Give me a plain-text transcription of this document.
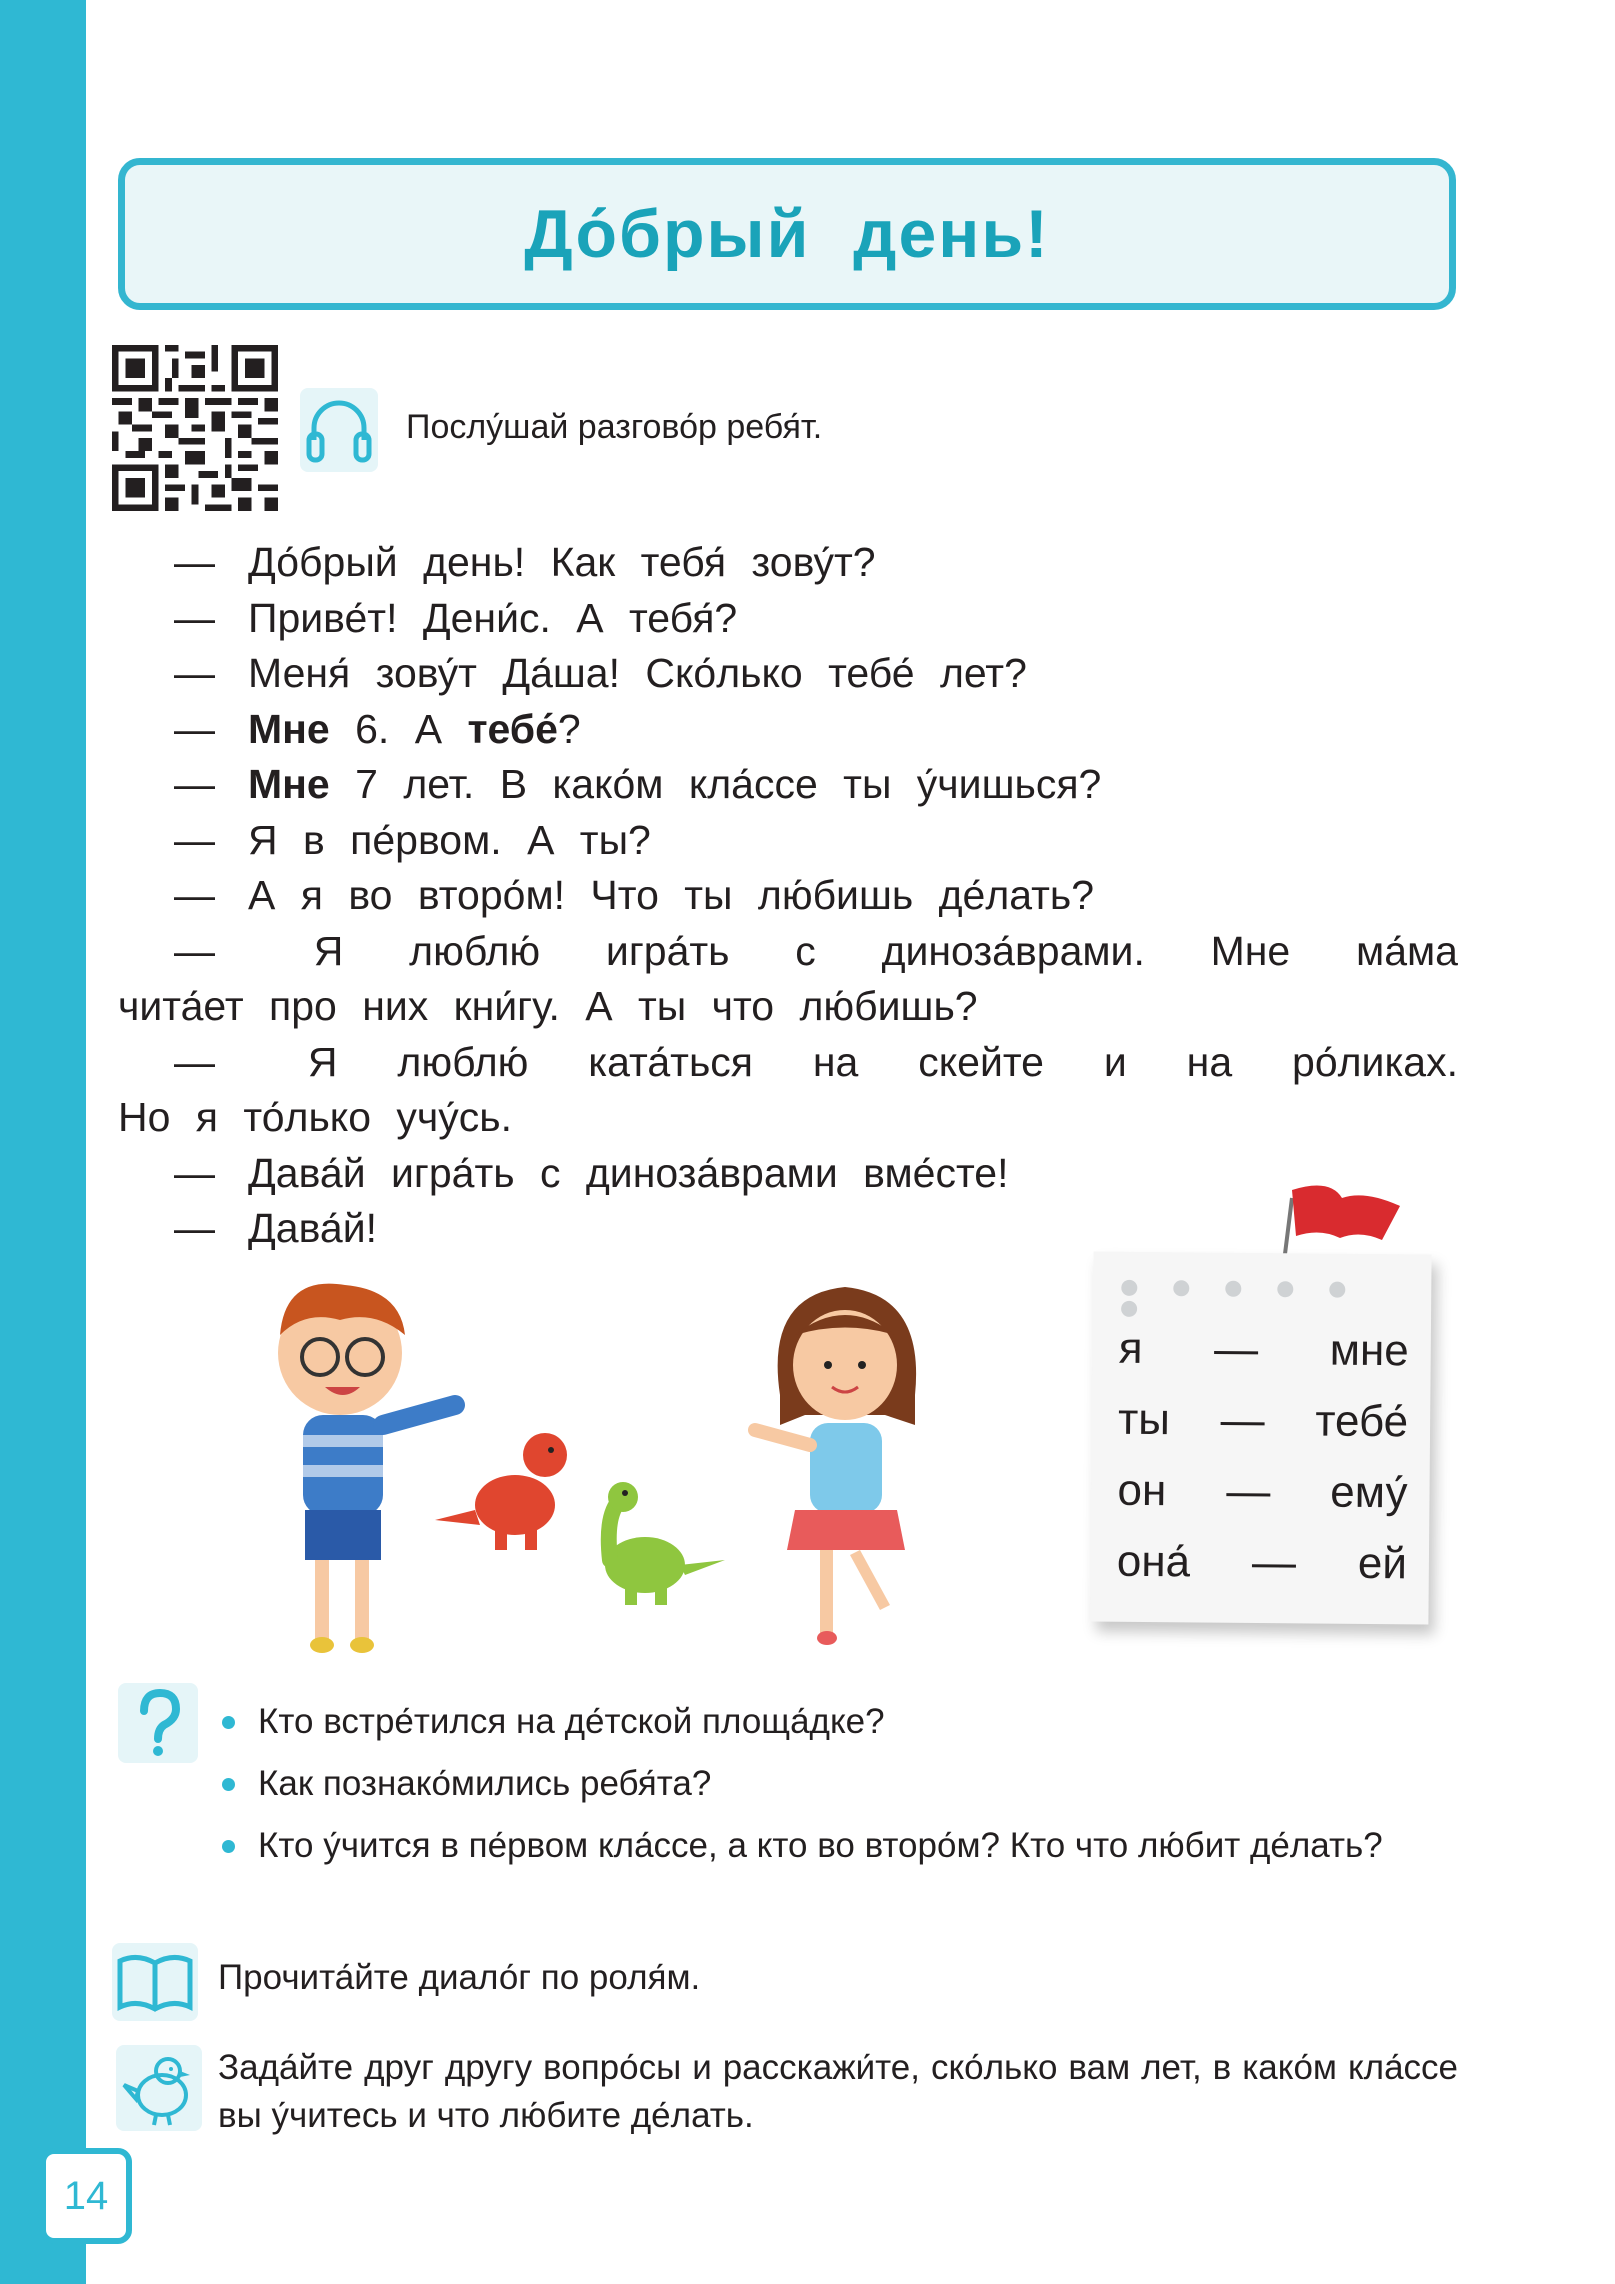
До́брый день!
Послу́шай разгово́р ребя́т.
— До́брый день! Как тебя́ зову́т?
— Приве́т! Дени́с. А тебя́?
— Меня́ зову́т Да́ша! Ско́лько тебе́ лет?
— Мне 6. А тебе́?
— Мне 7 лет. В како́м кла́ссе ты у́чишься?
— Я в пе́рвом. А ты?
— А я во второ́м! Что ты лю́бишь де́лать?
— Я люблю́ игра́ть с диноза́врами. Мне ма́ма
чита́ет про них кни́гу. А ты что лю́бишь?
— Я люблю́ ката́ться на скейте и на ро́ликах.
Но я то́лько учу́сь.
— Дава́й игра́ть с диноза́врами вме́сте!
— Дава́й!
я — мне
ты — тебе́
он — ему́
она́ — ей
Кто встре́тился на де́тской площа́дке?
Как познако́мились ребя́та?
Кто у́чится в пе́рвом кла́ссе, а кто во второ́м? Кто что лю́бит де́лать?
Прочита́йте диало́г по роля́м.
Зада́йте друг другу вопро́сы и расскажи́те, ско́лько вам лет, в како́м кла́ссе вы у́читесь и что лю́бите де́лать.
14
